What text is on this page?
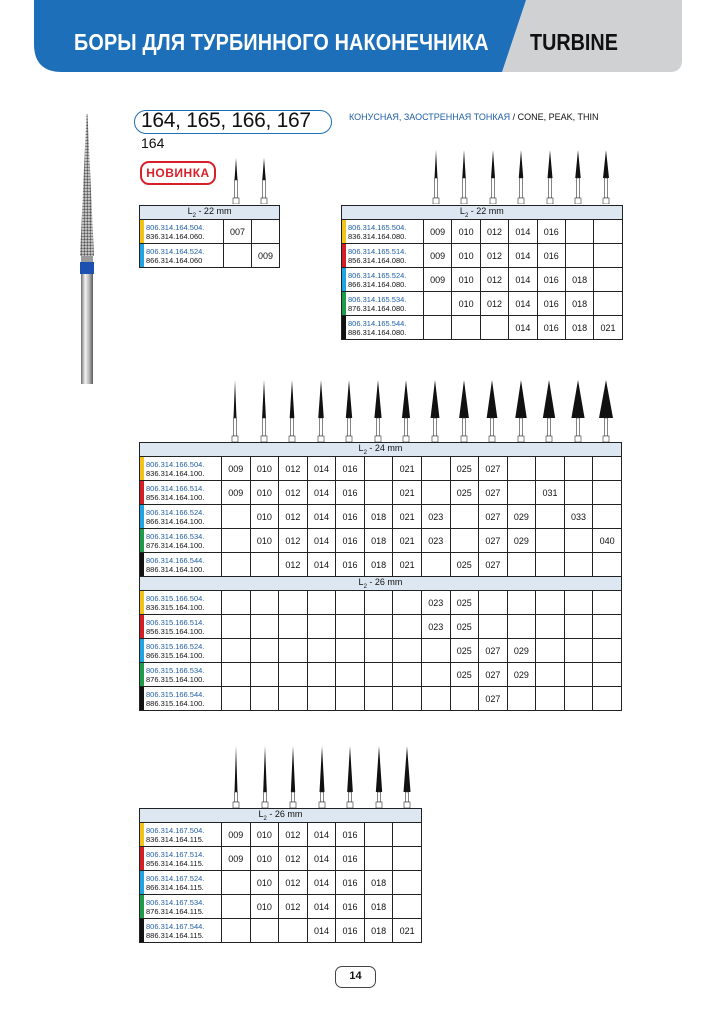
БОРЫ ДЛЯ ТУРБИННОГО НАКОНЕЧНИКА TURBINE
164, 165, 166, 167	КОНУСНАЯ, ЗАОСТРЕННАЯ ТОНКАЯ / CONE, PEAK, THIN
164
НОВИНКА
$L_2 - 22$ mm		

806.314.164.504.
836.314.164.060.	007	

806.314.164.524.
866.314.164.060		009
$L_2 - 22$ mm							

806.314.165.504.
836.314.164.080.	009	010	012	014	016		

806.314.165.514.
856.314.164.080.	009	010	012	014	016		

806.314.165.524.
866.314.164.080.	009	010	012	014	016	018	

806.314.165.534.
876.314.164.080.		010	012	014	016	018	

806.314.165.544.
886.314.164.080.				014	016	018	021
$L_2 - 24$ mm														

806.314.166.504.
836.314.164.100.	009	010	012	014	016		021		025	027				

806.314.166.514.
856.314.164.100.	009	010	012	014	016		021		025	027		031		

806.314.166.524.
866.314.164.100.		010	012	014	016	018	021	023		027	029		033	

806.314.166.534.
876.314.164.100.		010	012	014	016	018	021	023		027	029			040

806.314.166.544.
886.314.164.100.			012	014	016	018	021		025	027				
$L_2 - 26$ mm														

806.315.166.504.
836.315.164.100.								023	025					

806.315.166.514.
856.315.164.100.								023	025					

806.315.166.524.
866.315.164.100.									025	027	029			

806.315.166.534.
876.315.164.100.									025	027	029			

806.315.166.544.
886.315.164.100.										027				
$L_2 - 26$ mm							

806.314.167.504.
836.314.164.115.	009	010	012	014	016		

806.314.167.514.
856.314.164.115.	009	010	012	014	016		

806.314.167.524.
866.314.164.115.		010	012	014	016	018	

806.314.167.534.
876.314.164.115.		010	012	014	016	018	

806.314.167.544.
886.314.164.115.				014	016	018	021
14
